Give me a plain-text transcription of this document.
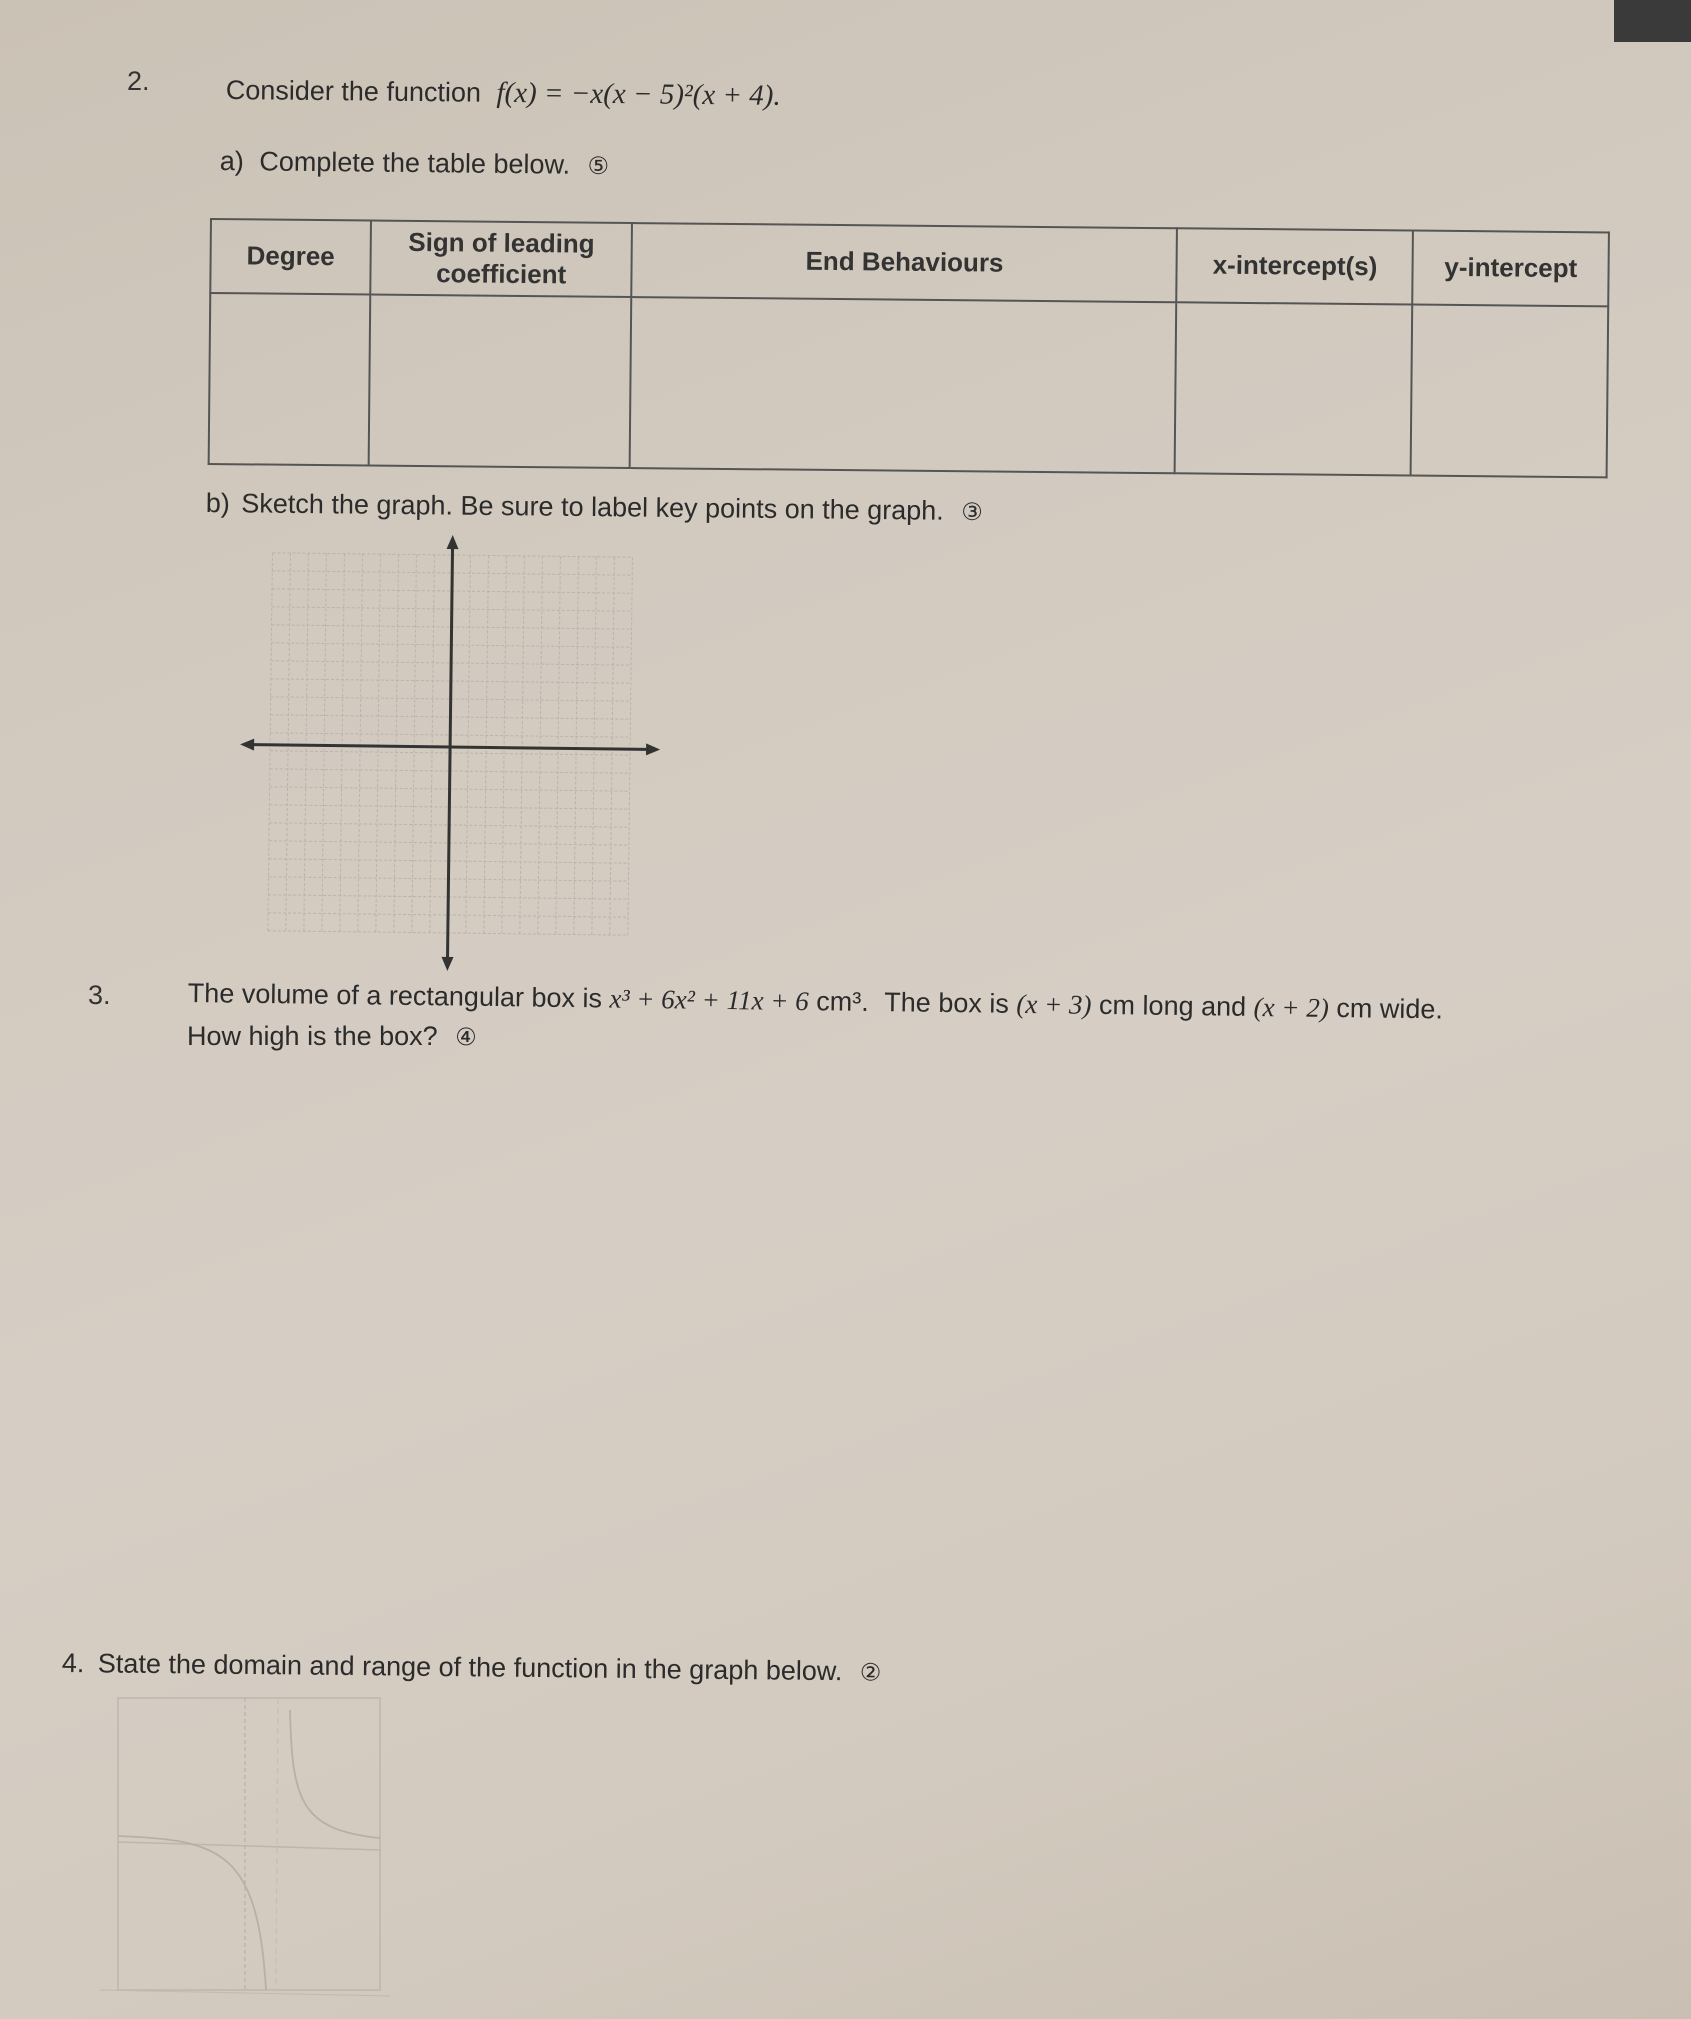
2.	Consider the function f(x) = −x(x − 5)²(x + 4).
a) Complete the table below. ⑤
Degree	Sign of leading coefficient	End Behaviours	x-intercept(s)	y-intercept

b) Sketch the graph. Be sure to label key points on the graph. ③
3.	The volume of a rectangular box is x³ + 6x² + 11x + 6 cm³. The box is (x + 3) cm long and (x + 2) cm wide.
How high is the box? ④
4. State the domain and range of the function in the graph below. ②
